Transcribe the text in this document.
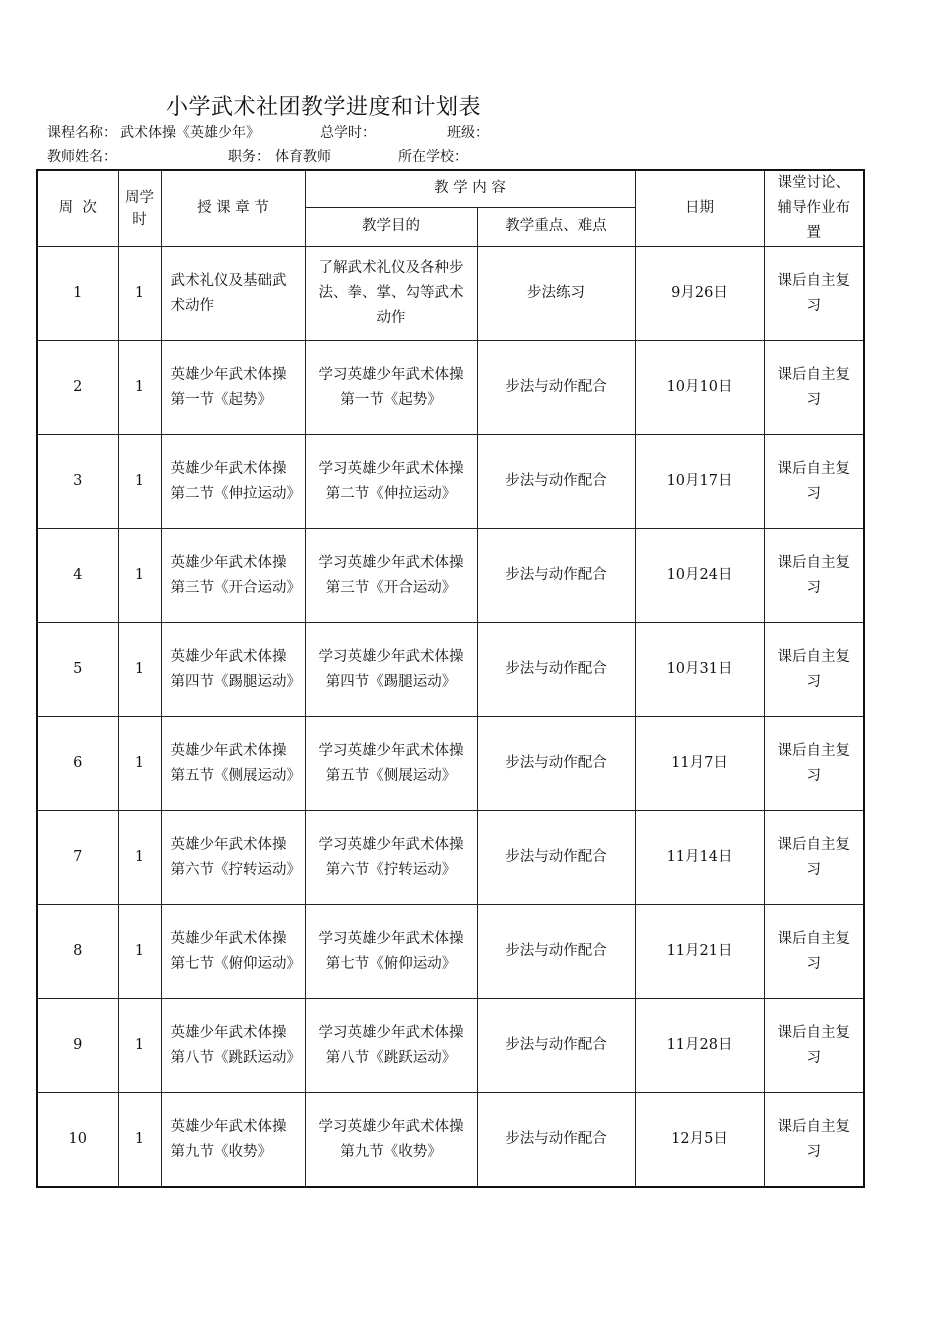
小学武术社团教学进度和计划表
课程名称： 武术体操《英雄少年》	总学时：	班级：
教师姓名：	职务： 体育教师	所在学校：
周  次	周学时	授 课 章 节	教 学 内 容		日期	课堂讨论、辅导作业布置
			教学目的	教学重点、难点		
1	1	武术礼仪及基础武术动作	了解武术礼仪及各种步法、拳、掌、勾等武术动作	步法练习	9月26日	课后自主复习
2	1	英雄少年武术体操第一节《起势》	学习英雄少年武术体操第一节《起势》	步法与动作配合	10月10日	课后自主复习
3	1	英雄少年武术体操第二节《伸拉运动》	学习英雄少年武术体操第二节《伸拉运动》	步法与动作配合	10月17日	课后自主复习
4	1	英雄少年武术体操第三节《开合运动》	学习英雄少年武术体操第三节《开合运动》	步法与动作配合	10月24日	课后自主复习
5	1	英雄少年武术体操第四节《踢腿运动》	学习英雄少年武术体操第四节《踢腿运动》	步法与动作配合	10月31日	课后自主复习
6	1	英雄少年武术体操第五节《侧展运动》	学习英雄少年武术体操第五节《侧展运动》	步法与动作配合	11月7日	课后自主复习
7	1	英雄少年武术体操第六节《拧转运动》	学习英雄少年武术体操第六节《拧转运动》	步法与动作配合	11月14日	课后自主复习
8	1	英雄少年武术体操第七节《俯仰运动》	学习英雄少年武术体操第七节《俯仰运动》	步法与动作配合	11月21日	课后自主复习
9	1	英雄少年武术体操第八节《跳跃运动》	学习英雄少年武术体操第八节《跳跃运动》	步法与动作配合	11月28日	课后自主复习
10	1	英雄少年武术体操第九节《收势》	学习英雄少年武术体操第九节《收势》	步法与动作配合	12月5日	课后自主复习
